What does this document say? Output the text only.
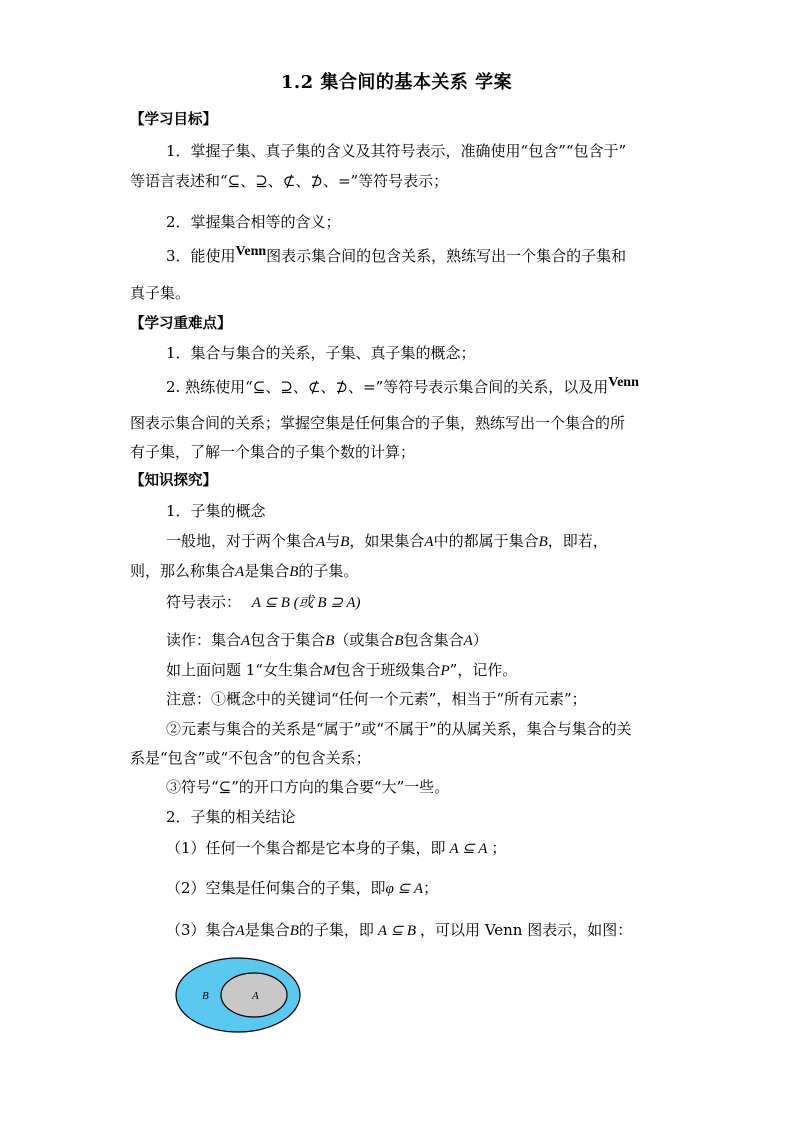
1.2 集合间的基本关系 学案
【学习目标】
1．掌握子集、真子集的含义及其符号表示，准确使用“包含”“包含于”
等语言表述和“⊆、⊇、⊄、⊅、=”等符号表示；
2．掌握集合相等的含义；
3．能使用Venn图表示集合间的包含关系，熟练写出一个集合的子集和
真子集。
【学习重难点】
1．集合与集合的关系，子集、真子集的概念；
2. 熟练使用“⊆、⊇、⊄、⊅、=”等符号表示集合间的关系，以及用Venn
图表示集合间的关系；掌握空集是任何集合的子集，熟练写出一个集合的所
有子集，了解一个集合的子集个数的计算；
【知识探究】
1．子集的概念
一般地，对于两个集合A与B，如果集合A中的都属于集合B，即若，
则，那么称集合A是集合B的子集。
符号表示： A ⊆ B (或 B ⊇ A)
读作：集合A包含于集合B（或集合B包含集合A）
如上面问题 1“女生集合M包含于班级集合P”，记作。
注意：①概念中的关键词“任何一个元素”，相当于“所有元素”；
②元素与集合的关系是“属于”或“不属于”的从属关系，集合与集合的关
系是“包含”或“不包含”的包含关系；
③符号“⊆”的开口方向的集合要“大”一些。
2．子集的相关结论
（1）任何一个集合都是它本身的子集，即 A ⊆ A ；
（2）空集是任何集合的子集，即φ ⊆ A；
（3）集合A是集合B的子集，即 A ⊆ B ，可以用 Venn 图表示，如图：
B	A
